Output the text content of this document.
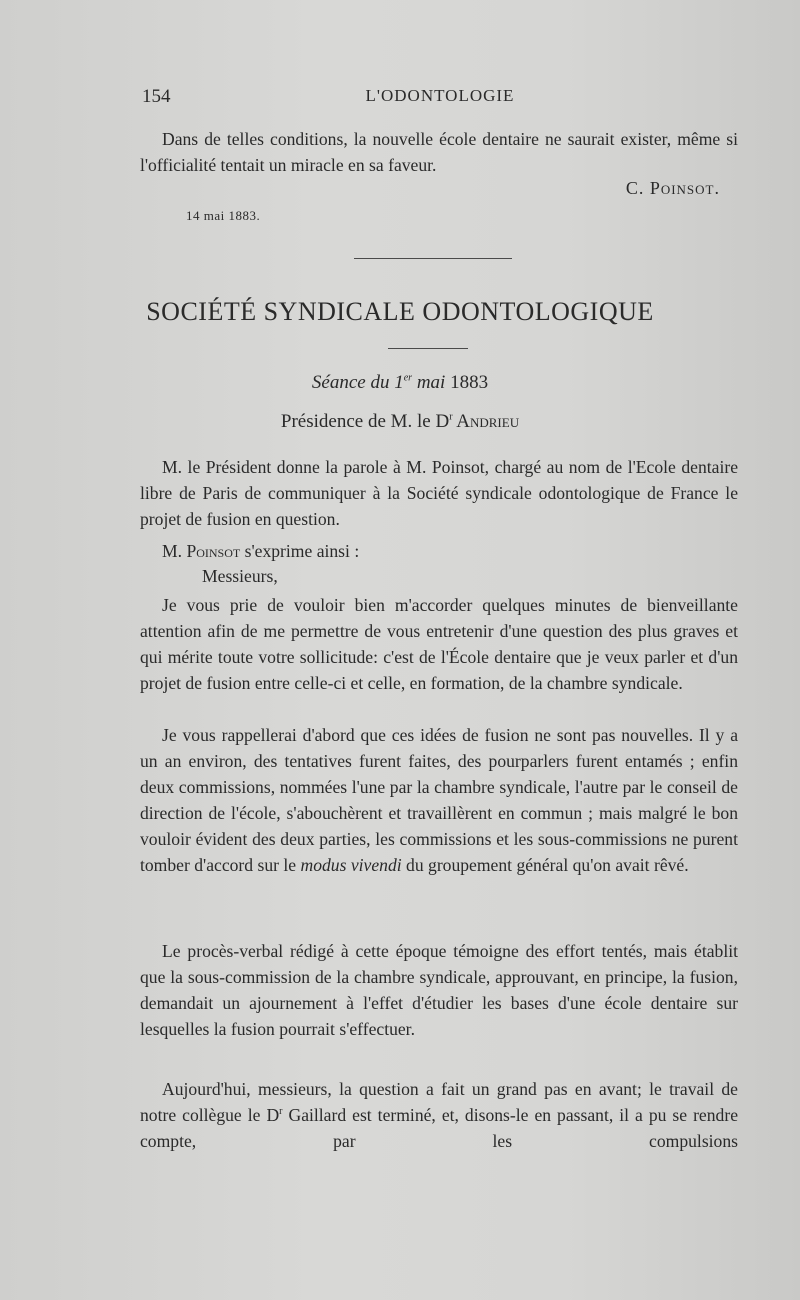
154	L'ODONTOLOGIE
Dans de telles conditions, la nouvelle école dentaire ne saurait exister, même si l'officialité tentait un miracle en sa faveur.
C. Poinsot.
14 mai 1883.
SOCIÉTÉ SYNDICALE ODONTOLOGIQUE
Séance du 1er mai 1883
Présidence de M. le $D^r$ Andrieu
M. le Président donne la parole à M. Poinsot, chargé au nom de l'Ecole dentaire libre de Paris de communiquer à la Société syndicale odontologique de France le projet de fusion en question.
M. Poinsot s'exprime ainsi :
Messieurs,
Je vous prie de vouloir bien m'accorder quelques minutes de bienveillante attention afin de me permettre de vous entretenir d'une question des plus graves et qui mérite toute votre sollicitude: c'est de l'École dentaire que je veux parler et d'un projet de fusion entre celle-ci et celle, en formation, de la chambre syndicale.
Je vous rappellerai d'abord que ces idées de fusion ne sont pas nouvelles. Il y a un an environ, des tentatives furent faites, des pourparlers furent entamés ; enfin deux commissions, nommées l'une par la chambre syndicale, l'autre par le conseil de direction de l'école, s'abouchèrent et travaillèrent en commun ; mais malgré le bon vouloir évident des deux parties, les commissions et les sous-commissions ne purent tomber d'accord sur le modus vivendi du groupement général qu'on avait rêvé.
Le procès-verbal rédigé à cette époque témoigne des effort tentés, mais établit que la sous-commission de la chambre syndicale, approuvant, en principe, la fusion, demandait un ajournement à l'effet d'étudier les bases d'une école dentaire sur lesquelles la fusion pourrait s'effectuer.
Aujourd'hui, messieurs, la question a fait un grand pas en avant; le travail de notre collègue le $D^r$ Gaillard est terminé, et, disons-le en passant, il a pu se rendre compte, par les compulsions
